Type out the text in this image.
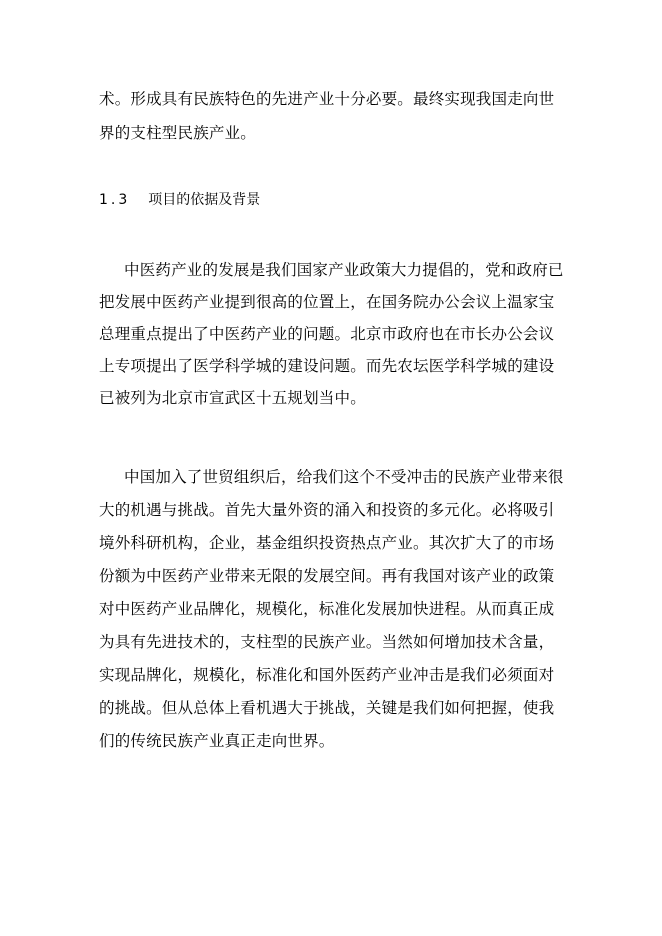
术。形成具有民族特色的先进产业十分必要。最终实现我国走向世
界的支柱型民族产业。
1.3 项目的依据及背景
中医药产业的发展是我们国家产业政策大力提倡的，党和政府已
把发展中医药产业提到很高的位置上，在国务院办公会议上温家宝
总理重点提出了中医药产业的问题。北京市政府也在市长办公会议
上专项提出了医学科学城的建设问题。而先农坛医学科学城的建设
已被列为北京市宣武区十五规划当中。
中国加入了世贸组织后，给我们这个不受冲击的民族产业带来很
大的机遇与挑战。首先大量外资的涌入和投资的多元化。必将吸引
境外科研机构，企业，基金组织投资热点产业。其次扩大了的市场
份额为中医药产业带来无限的发展空间。再有我国对该产业的政策
对中医药产业品牌化，规模化，标准化发展加快进程。从而真正成
为具有先进技术的，支柱型的民族产业。当然如何增加技术含量，
实现品牌化，规模化，标准化和国外医药产业冲击是我们必须面对
的挑战。但从总体上看机遇大于挑战，关键是我们如何把握，使我
们的传统民族产业真正走向世界。
